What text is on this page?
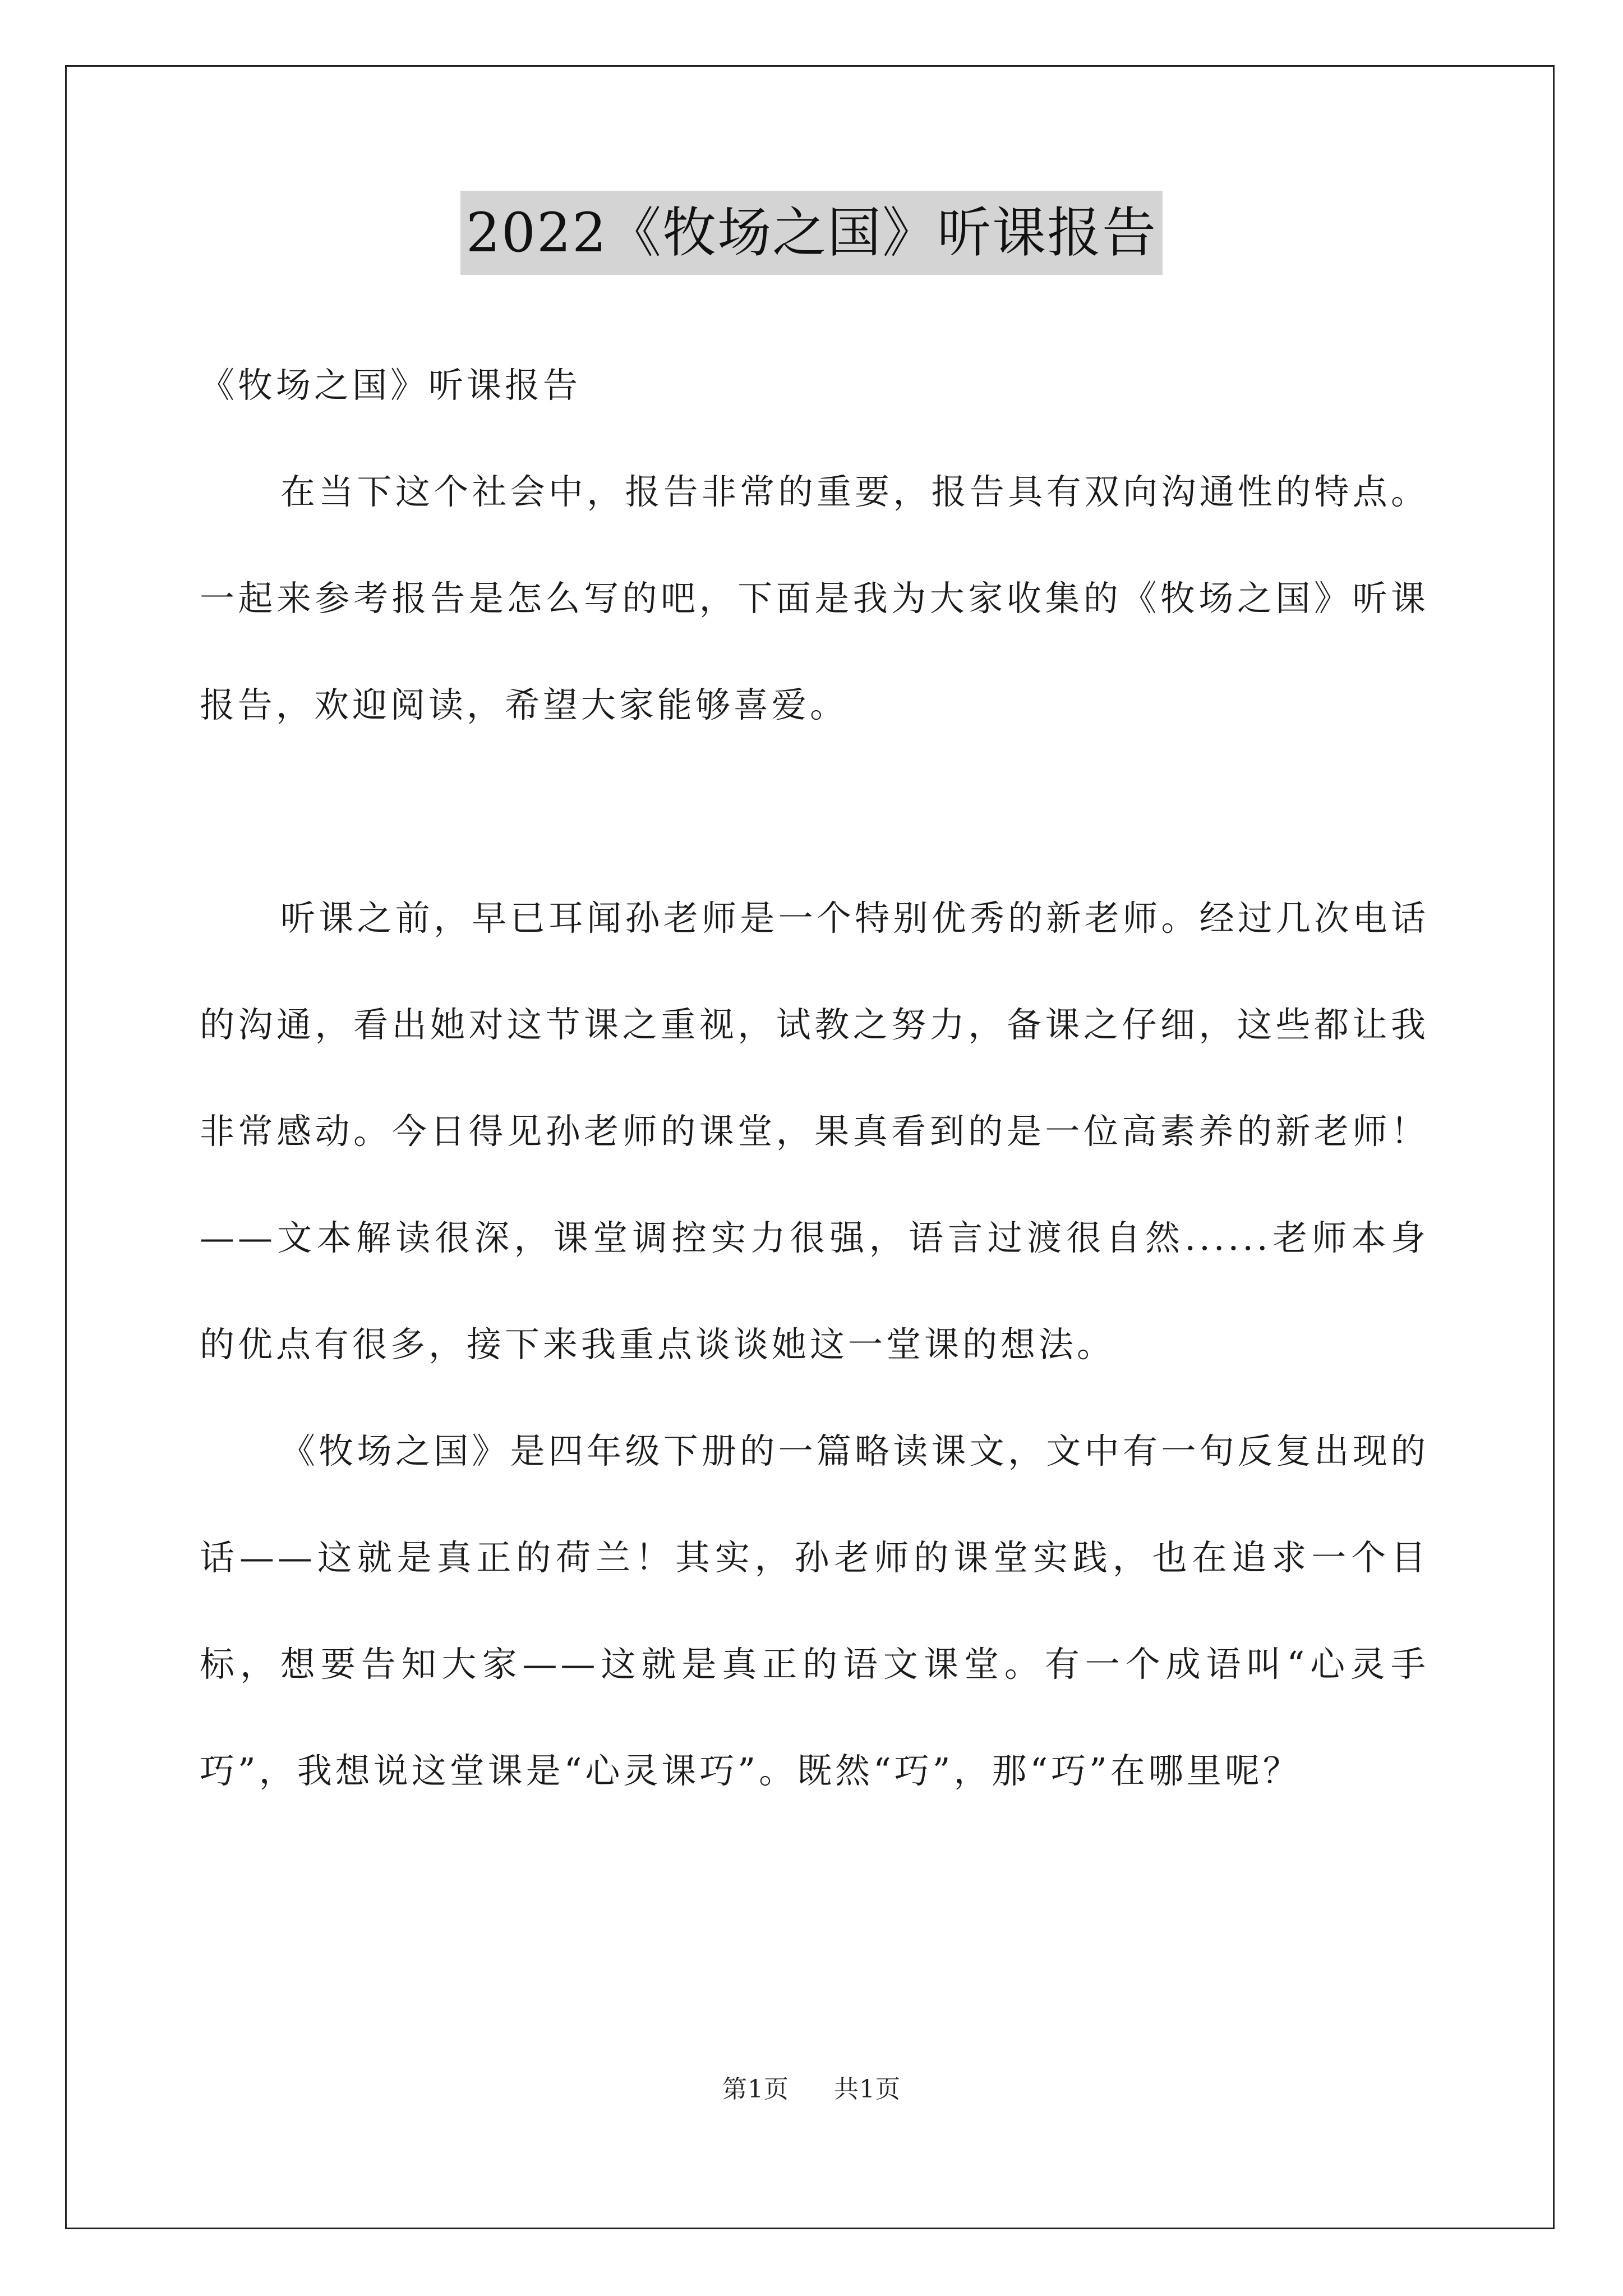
2022《牧场之国》听课报告

《牧场之国》听课报告

在当下这个社会中，报告非常的重要，报告具有双向沟通性的特点。一起来参考报告是怎么写的吧，下面是我为大家收集的《牧场之国》听课报告，欢迎阅读，希望大家能够喜爱。

听课之前，早已耳闻孙老师是一个特别优秀的新老师。经过几次电话的沟通，看出她对这节课之重视，试教之努力，备课之仔细，这些都让我非常感动。今日得见孙老师的课堂，果真看到的是一位高素养的新老师！——文本解读很深，课堂调控实力很强，语言过渡很自然......老师本身的优点有很多，接下来我重点谈谈她这一堂课的想法。

《牧场之国》是四年级下册的一篇略读课文，文中有一句反复出现的话——这就是真正的荷兰！其实，孙老师的课堂实践，也在追求一个目标，想要告知大家——这就是真正的语文课堂。有一个成语叫“心灵手巧”，我想说这堂课是“心灵课巧”。既然“巧”，那“巧”在哪里呢？

第1页 共1页
